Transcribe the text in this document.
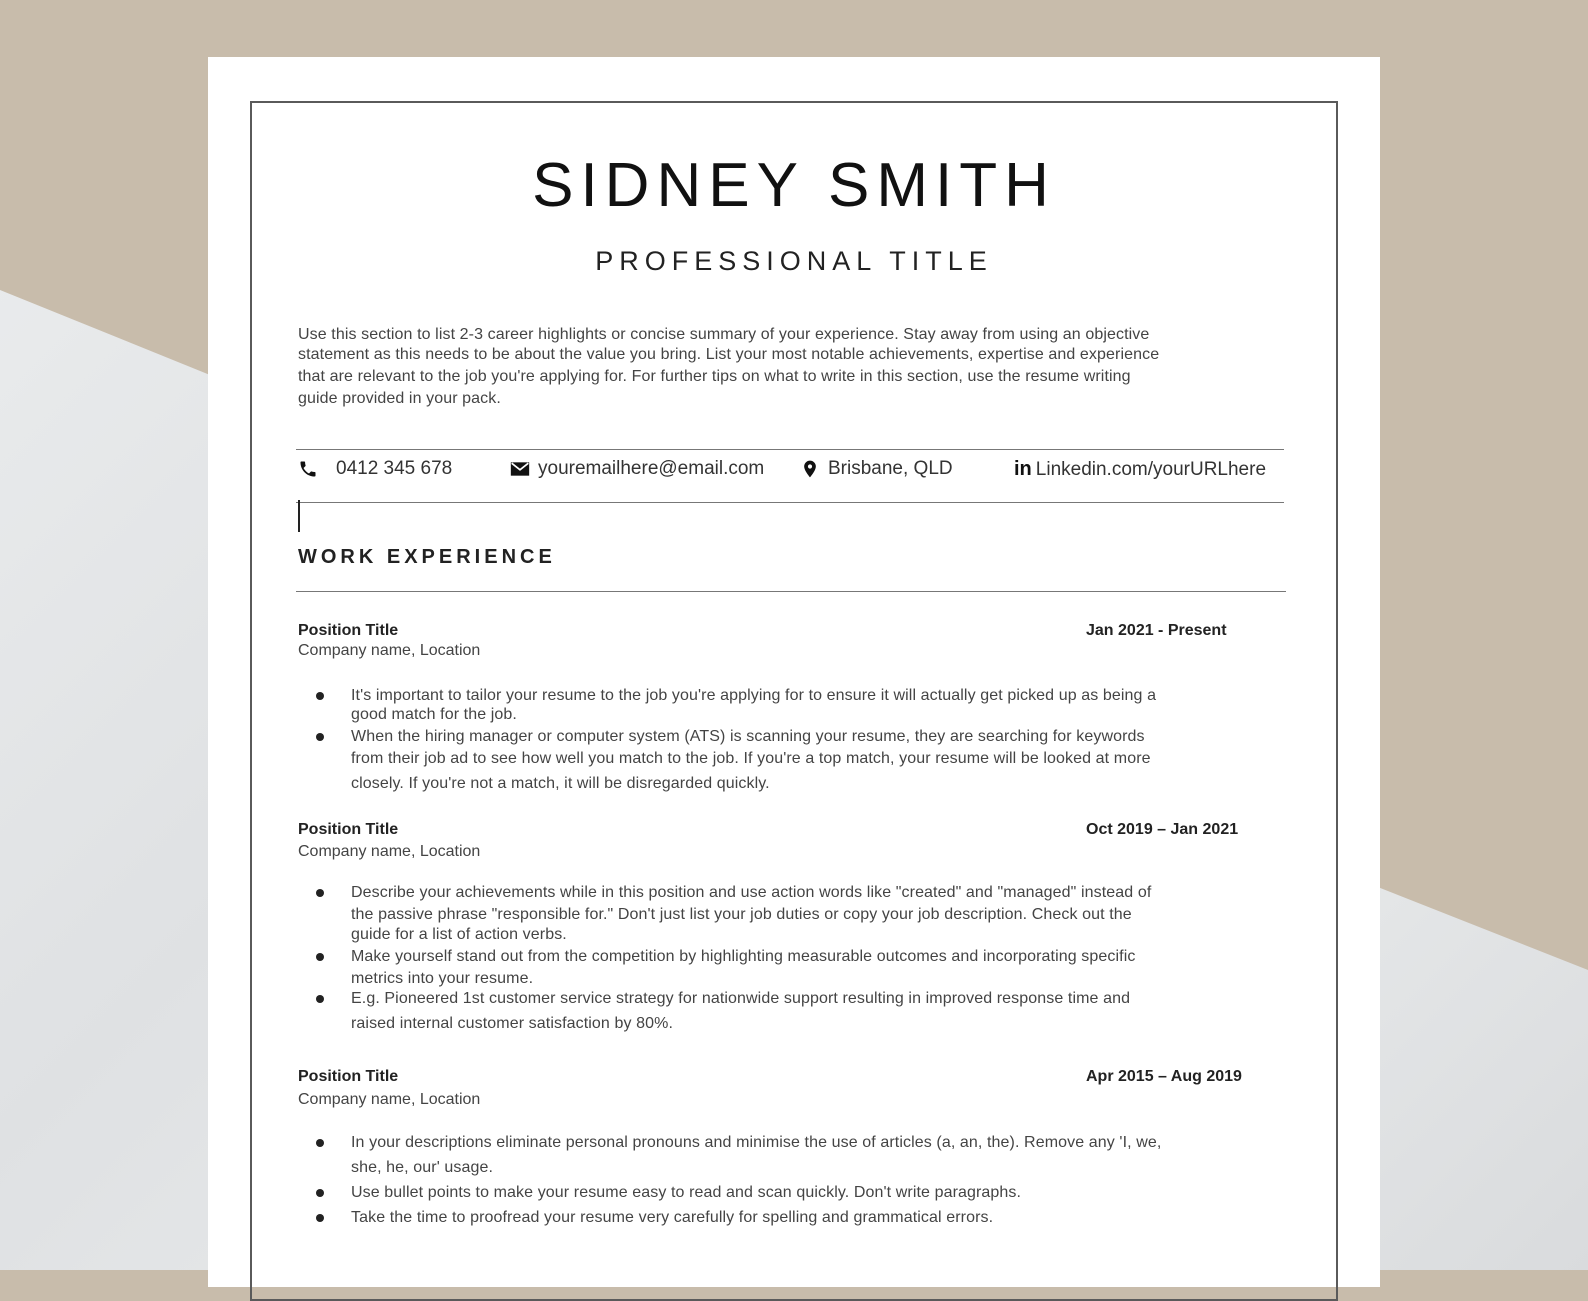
SIDNEY SMITH
PROFESSIONAL TITLE
Use this section to list 2-3 career highlights or concise summary of your experience. Stay away from using an objective
statement as this needs to be about the value you bring. List your most notable achievements, expertise and experience
that are relevant to the job you're applying for. For further tips on what to write in this section, use the resume writing
guide provided in your pack.
0412 345 678	youremailhere@email.com	Brisbane, QLD	in Linkedin.com/yourURLhere
WORK EXPERIENCE
Position Title	Jan 2021 - Present
Company name, Location
It's important to tailor your resume to the job you're applying for to ensure it will actually get picked up as being a
good match for the job.
When the hiring manager or computer system (ATS) is scanning your resume, they are searching for keywords
from their job ad to see how well you match to the job. If you're a top match, your resume will be looked at more
closely. If you're not a match, it will be disregarded quickly.
Position Title	Oct 2019 – Jan 2021
Company name, Location
Describe your achievements while in this position and use action words like "created" and "managed" instead of
the passive phrase "responsible for." Don't just list your job duties or copy your job description. Check out the
guide for a list of action verbs.
Make yourself stand out from the competition by highlighting measurable outcomes and incorporating specific
metrics into your resume.
E.g. Pioneered 1st customer service strategy for nationwide support resulting in improved response time and
raised internal customer satisfaction by 80%.
Position Title	Apr 2015 – Aug 2019
Company name, Location
In your descriptions eliminate personal pronouns and minimise the use of articles (a, an, the). Remove any 'I, we,
she, he, our' usage.
Use bullet points to make your resume easy to read and scan quickly. Don't write paragraphs.
Take the time to proofread your resume very carefully for spelling and grammatical errors.
